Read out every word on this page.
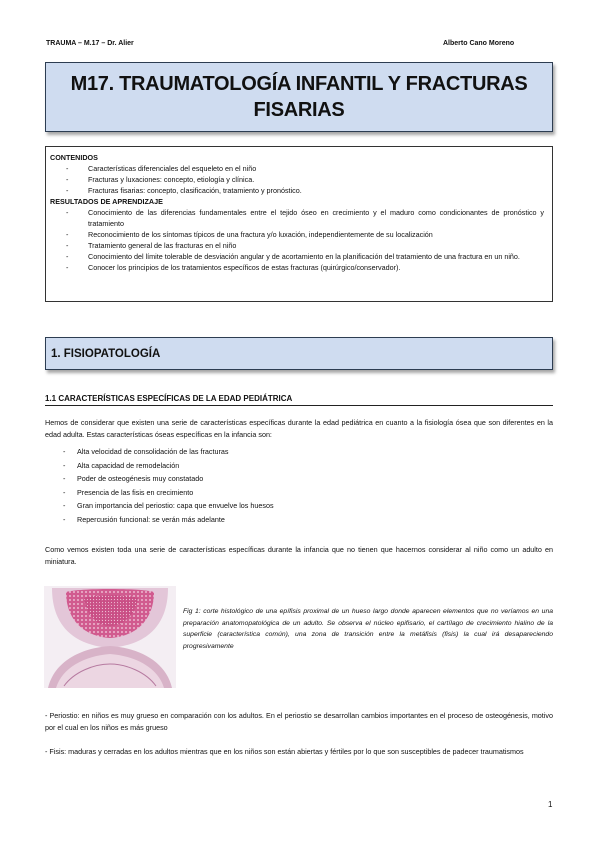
TRAUMA – M.17 – Dr. Alier	Alberto Cano Moreno
M17. TRAUMATOLOGÍA INFANTIL Y FRACTURAS FISARIAS

CONTENIDOS

- Características diferenciales del esqueleto en el niño
- Fracturas y luxaciones: concepto, etiología y clínica.
- Fracturas fisarias: concepto, clasificación, tratamiento y pronóstico.

RESULTADOS DE APRENDIZAJE

- Conocimiento de las diferencias fundamentales entre el tejido óseo en crecimiento y el maduro como condicionantes de pronóstico y tratamiento
- Reconocimiento de los síntomas típicos de una fractura y/o luxación, independientemente de su localización
- Tratamiento general de las fracturas en el niño
- Conocimiento del límite tolerable de desviación angular y de acortamiento en la planificación del tratamiento de una fractura en un niño.
- Conocer los principios de los tratamientos específicos de estas fracturas (quirúrgico/conservador).
1. FISIOPATOLOGÍA
1.1 CARACTERÍSTICAS ESPECÍFICAS DE LA EDAD PEDIÁTRICA

Hemos de considerar que existen una serie de características específicas durante la edad pediátrica en cuanto a la fisiología ósea que son diferentes en la edad adulta. Estas características óseas específicas en la infancia son:

- Alta velocidad de consolidación de las fracturas
- Alta capacidad de remodelación
- Poder de osteogénesis muy constatado
- Presencia de las fisis en crecimiento
- Gran importancia del periostio: capa que envuelve los huesos
- Repercusión funcional: se verán más adelante

Como vemos existen toda una serie de características específicas durante la infancia que no tienen que hacernos considerar al niño como un adulto en miniatura.

Fig 1: corte histológico de una epífisis proximal de un hueso largo donde aparecen elementos que no veríamos en una preparación anatomopatológica de un adulto. Se observa el núcleo epifisario, el cartílago de crecimiento hialino de la superficie (característica común), una zona de transición entre la metáfisis (fisis) la cual irá desapareciendo progresivamente

- Periostio: en niños es muy grueso en comparación con los adultos. En el periostio se desarrollan cambios importantes en el proceso de osteogénesis, motivo por el cual en los niños es más grueso

- Fisis: maduras y cerradas en los adultos mientras que en los niños son están abiertas y fértiles por lo que son susceptibles de padecer traumatismos

1
